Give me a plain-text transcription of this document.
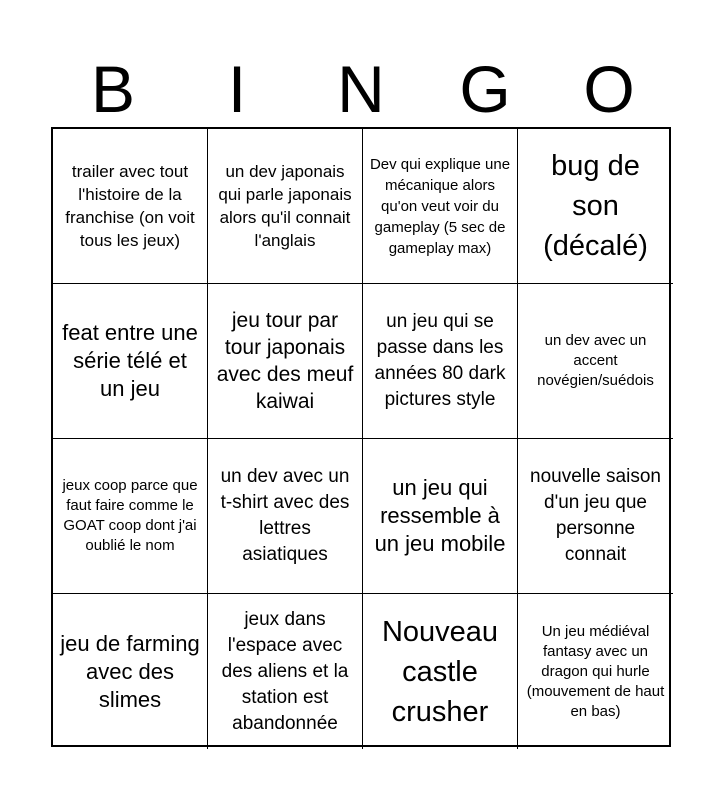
B	I	N	G	O
trailer avec tout l'histoire de la franchise (on voit tous les jeux)
un dev japonais qui parle japonais alors qu'il connait l'anglais
Dev qui explique une mécanique alors qu'on veut voir du gameplay (5 sec de gameplay max)
bug de son (décalé)
feat entre une série télé et un jeu
jeu tour par tour japonais avec des meuf kaiwai
un jeu qui se passe dans les années 80 dark pictures style
un dev avec un accent novégien/suédois
jeux coop parce que faut faire comme le GOAT coop dont j'ai oublié le nom
un dev avec un t-shirt avec des lettres asiatiques
un jeu qui ressemble à un jeu mobile
nouvelle saison d'un jeu que personne connait
jeu de farming avec des slimes
jeux dans l'espace avec des aliens et la station est abandonnée
Nouveau castle crusher
Un jeu médiéval fantasy avec un dragon qui hurle (mouvement de haut en bas)
